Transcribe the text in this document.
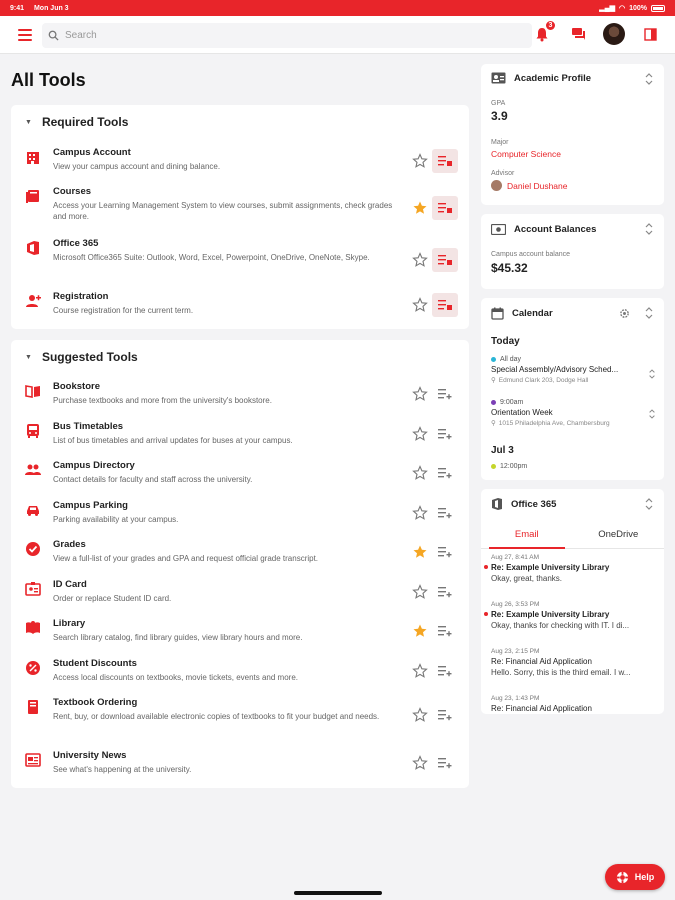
9:41 Mon Jun 3	▂▄▆ ◠ 100%
Search
3
All Tools
▼ Required Tools
Campus Account
View your campus account and dining balance.
Courses
Access your Learning Management System to view courses, submit assignments, check grades and more.
Office 365
Microsoft Office365 Suite: Outlook, Word, Excel, Powerpoint, OneDrive, OneNote, Skype.
Registration
Course registration for the current term.
▼ Suggested Tools
Bookstore
Purchase textbooks and more from the university's bookstore.
Bus Timetables
List of bus timetables and arrival updates for buses at your campus.
Campus Directory
Contact details for faculty and staff across the university.
Campus Parking
Parking availability at your campus.
Grades
View a full-list of your grades and GPA and request official grade transcript.
ID Card
Order or replace Student ID card.
Library
Search library catalog, find library guides, view library hours and more.
Student Discounts
Access local discounts on textbooks, movie tickets, events and more.
Textbook Ordering
Rent, buy, or download available electronic copies of textbooks to fit your budget and needs.
University News
See what's happening at the university.
Academic Profile
GPA
3.9
Major
Computer Science
Advisor
Daniel Dushane
Account Balances
Campus account balance
$45.32
Calendar
Today
All day
Special Assembly/Advisory Sched...
⚲ Edmund Clark 203, Dodge Hall
9:00am
Orientation Week
⚲ 1015 Philadelphia Ave, Chambersburg
Jul 3
12:00pm
Office 365
Email	OneDrive
Aug 27, 8:41 AM
Re: Example University Library
Okay, great, thanks.
Aug 26, 3:53 PM
Re: Example University Library
Okay, thanks for checking with IT. I di...
Aug 23, 2:15 PM
Re: Financial Aid Application
Hello. Sorry, this is the third email. I w...
Aug 23, 1:43 PM
Re: Financial Aid Application
Help
